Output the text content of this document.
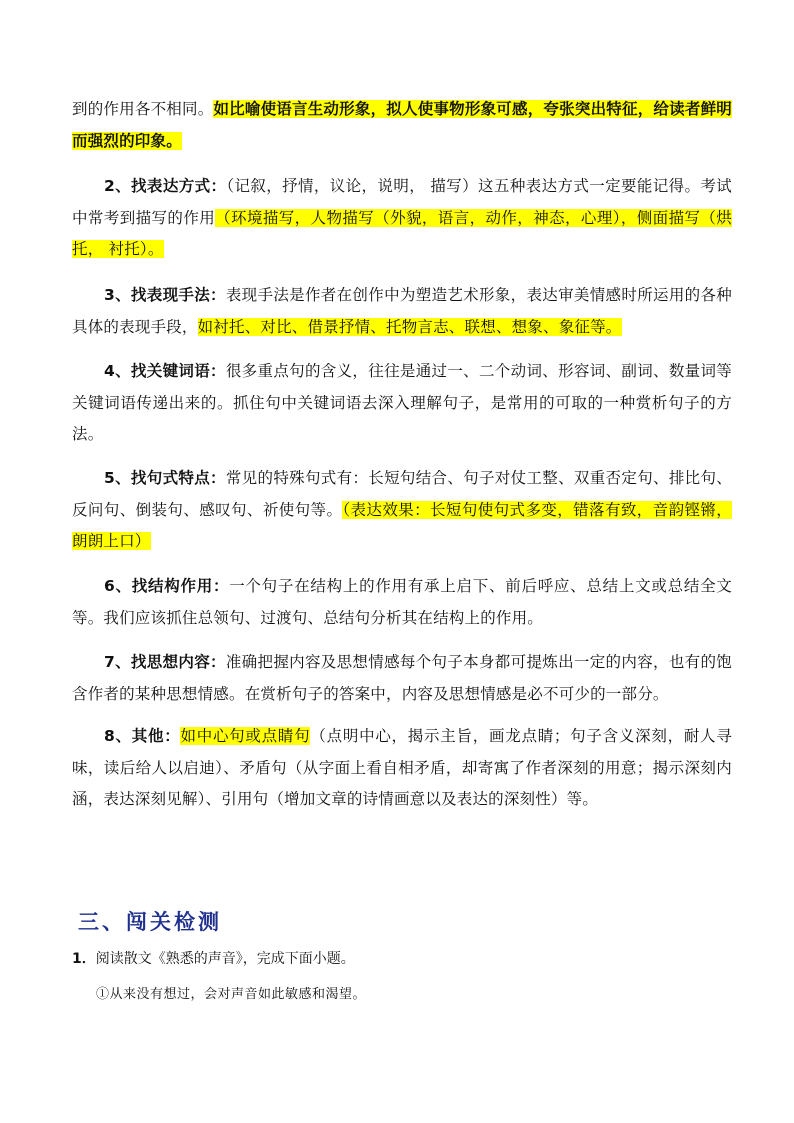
到的作用各不相同。如比喻使语言生动形象，拟人使事物形象可感，夸张突出特征，给读者鲜明而强烈的印象。
2、找表达方式：（记叙，抒情，议论，说明， 描写）这五种表达方式一定要能记得。考试中常考到描写的作用（环境描写，人物描写（外貌，语言，动作，神态，心理），侧面描写（烘托， 衬托）。
3、找表现手法：表现手法是作者在创作中为塑造艺术形象，表达审美情感时所运用的各种具体的表现手段，如衬托、对比、借景抒情、托物言志、联想、想象、象征等。
4、找关键词语：很多重点句的含义，往往是通过一、二个动词、形容词、副词、数量词等关键词语传递出来的。抓住句中关键词语去深入理解句子，是常用的可取的一种赏析句子的方法。
5、找句式特点：常见的特殊句式有：长短句结合、句子对仗工整、双重否定句、排比句、反问句、倒装句、感叹句、祈使句等。（表达效果：长短句使句式多变，错落有致，音韵铿锵，朗朗上口）
6、找结构作用：一个句子在结构上的作用有承上启下、前后呼应、总结上文或总结全文等。我们应该抓住总领句、过渡句、总结句分析其在结构上的作用。
7、找思想内容：准确把握内容及思想情感每个句子本身都可提炼出一定的内容，也有的饱含作者的某种思想情感。在赏析句子的答案中，内容及思想情感是必不可少的一部分。
8、其他：如中心句或点睛句（点明中心，揭示主旨，画龙点睛；句子含义深刻，耐人寻味，读后给人以启迪）、矛盾句（从字面上看自相矛盾，却寄寓了作者深刻的用意；揭示深刻内涵，表达深刻见解）、引用句（增加文章的诗情画意以及表达的深刻性）等。
三、闯关检测
1．阅读散文《熟悉的声音》，完成下面小题。
①从来没有想过，会对声音如此敏感和渴望。
